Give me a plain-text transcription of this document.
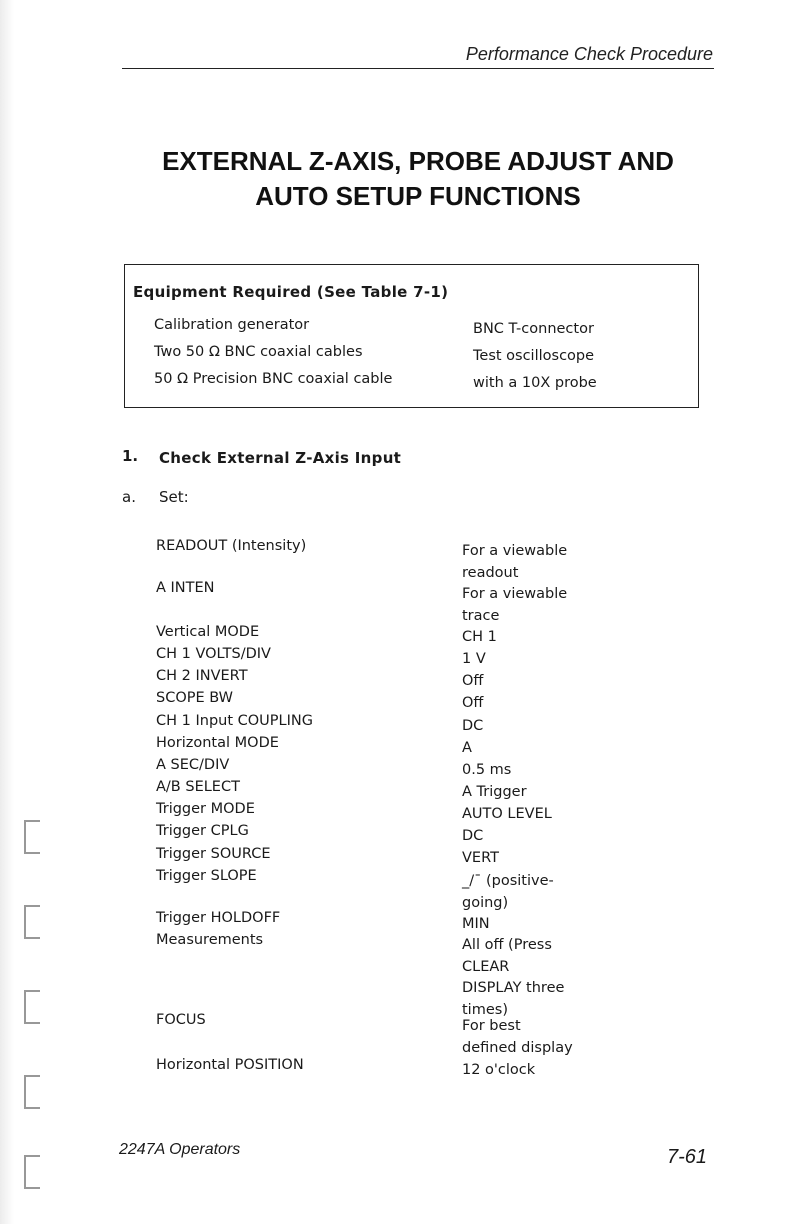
Performance Check Procedure
EXTERNAL Z-AXIS, PROBE ADJUST AND
AUTO SETUP FUNCTIONS
Equipment Required (See Table 7-1)
Calibration generator
Two 50 Ω BNC coaxial cables
50 Ω Precision BNC coaxial cable
BNC T-connector
Test oscilloscope
with a 10X probe
1. Check External Z-Axis Input
a. Set:
READOUT (Intensity)
A INTEN
Vertical MODE
CH 1 VOLTS/DIV
CH 2 INVERT
SCOPE BW
CH 1 Input COUPLING
Horizontal MODE
A SEC/DIV
A/B SELECT
Trigger MODE
Trigger CPLG
Trigger SOURCE
Trigger SLOPE
Trigger HOLDOFF
Measurements
FOCUS
Horizontal POSITION
For a viewable
readout
For a viewable
trace
CH 1
1 V
Off
Off
DC
A
0.5 ms
A Trigger
AUTO LEVEL
DC
VERT
_/¯ (positive-
going)
MIN
All off (Press
CLEAR
DISPLAY three
times)
For best
defined display
12 o'clock
2247A Operators	7-61
